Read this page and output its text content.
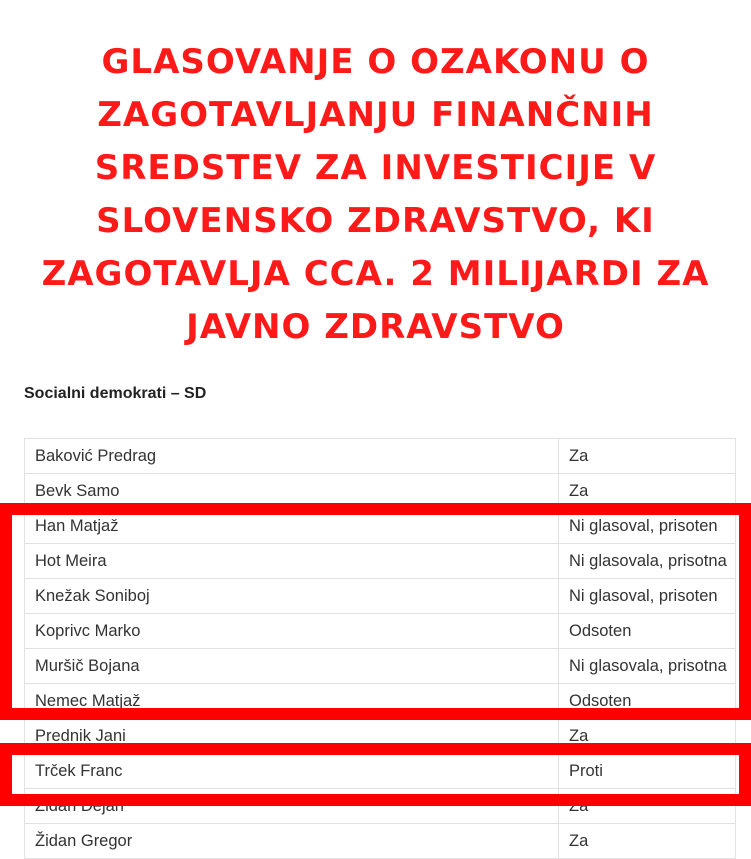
GLASOVANJE O OZAKONU O
ZAGOTAVLJANJU FINANČNIH
SREDSTEV ZA INVESTICIJE V
SLOVENSKO ZDRAVSTVO, KI
ZAGOTAVLJA CCA. 2 MILIJARDI ZA
JAVNO ZDRAVSTVO
Socialni demokrati – SD
Baković Predrag	Za
Bevk Samo	Za
Han Matjaž	Ni glasoval, prisoten
Hot Meira	Ni glasovala, prisotna
Knežak Soniboj	Ni glasoval, prisoten
Koprivc Marko	Odsoten
Muršič Bojana	Ni glasovala, prisotna
Nemec Matjaž	Odsoten
Prednik Jani	Za
Trček Franc	Proti
Židan Dejan	Za
Židan Gregor	Za
